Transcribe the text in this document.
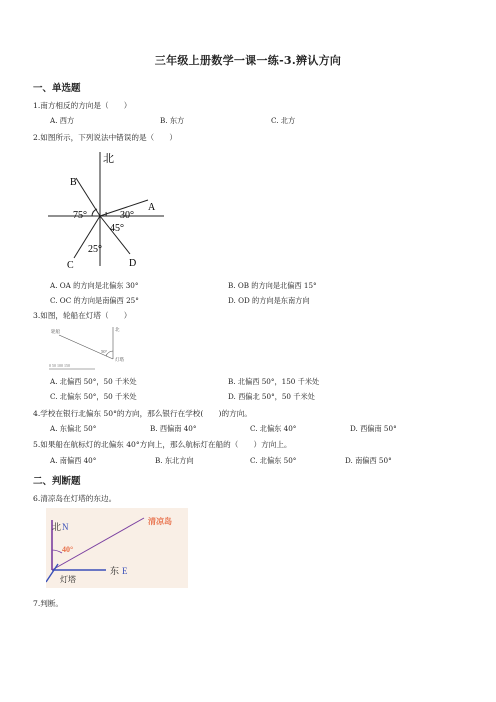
三年级上册数学一课一练-3.辨认方向
一、单选题
1.南方相反的方向是（　　）
A. 西方	B. 东方	C. 北方
2.如图所示，下列说法中错误的是（　　）
北
B
A
C	D
75°	30°
45°
25°
A. OA 的方向是北偏东 30°	B. OB 的方向是北偏西 15°
C. OC 的方向是南偏西 25°	D. OD 的方向是东南方向
3.如图，轮船在灯塔（　　）
轮船	北
50°
灯塔
0 50 100 150
A. 北偏西 50°，50 千米处	B. 北偏西 50°，150 千米处
C. 北偏东 50°，50 千米处	D. 西偏北 50°，50 千米处
4.学校在银行北偏东 50°的方向，那么银行在学校(　　)的方向。
A. 东偏北 50°	B. 西偏南 40°	C. 北偏东 40°	D. 西偏南 50°
5.如果船在航标灯的北偏东 40°方向上，那么航标灯在船的（　　）方向上。
A. 南偏西 40°	B. 东北方向	C. 北偏东 50°	D. 南偏西 50°
二、判断题
6.清凉岛在灯塔的东边。
北 N
清凉岛
40°
灯塔
东 E
7.判断。
